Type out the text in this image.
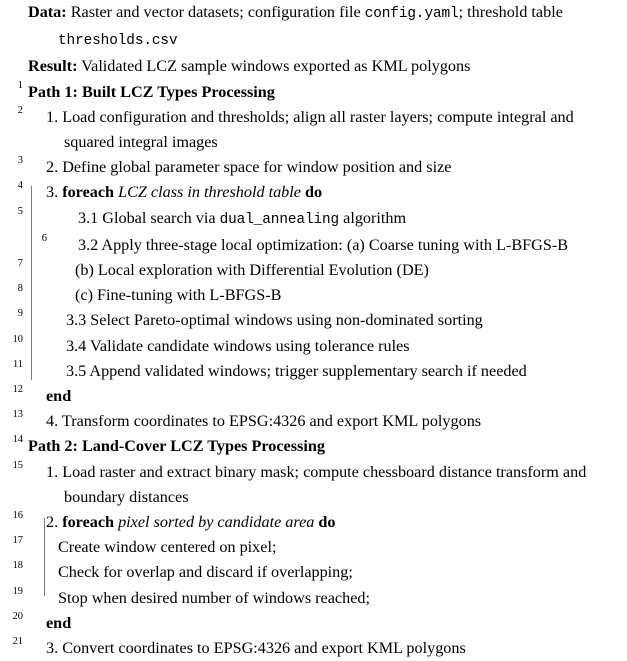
Data: Raster and vector datasets; configuration file config.yaml; threshold table thresholds.csv
Result: Validated LCZ sample windows exported as KML polygons
1 Path 1: Built LCZ Types Processing
2	1. Load configuration and thresholds; align all raster layers; compute integral and squared integral images
3	2. Define global parameter space for window position and size
4	3. foreach LCZ class in threshold table do
5	3.1 Global search via dual_annealing algorithm
6	3.2 Apply three-stage local optimization: (a) Coarse tuning with L-BFGS-B
7	(b) Local exploration with Differential Evolution (DE)
8	(c) Fine-tuning with L-BFGS-B
9	3.3 Select Pareto-optimal windows using non-dominated sorting
10	3.4 Validate candidate windows using tolerance rules
11	3.5 Append validated windows; trigger supplementary search if needed
12	end
13	4. Transform coordinates to EPSG:4326 and export KML polygons
14 Path 2: Land-Cover LCZ Types Processing
15	1. Load raster and extract binary mask; compute chessboard distance transform and boundary distances
16	2. foreach pixel sorted by candidate area do
17	Create window centered on pixel;
18	Check for overlap and discard if overlapping;
19	Stop when desired number of windows reached;
20	end
21	3. Convert coordinates to EPSG:4326 and export KML polygons
